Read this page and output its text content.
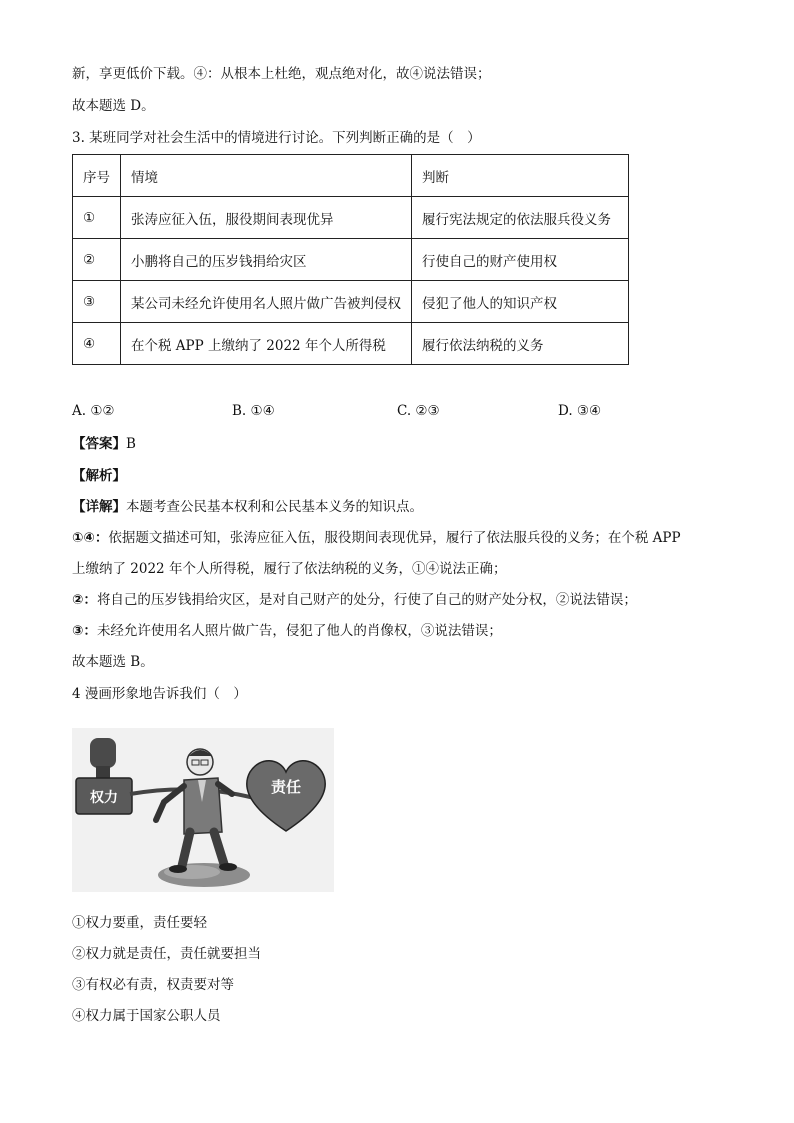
新，享更低价下载。④：从根本上杜绝，观点绝对化，故④说法错误；
故本题选 D。
3. 某班同学对社会生活中的情境进行讨论。下列判断正确的是（　）
序号	情境	判断
①	张涛应征入伍，服役期间表现优异	履行宪法规定的依法服兵役义务
②	小鹏将自己的压岁钱捐给灾区	行使自己的财产使用权
③	某公司未经允许使用名人照片做广告被判侵权	侵犯了他人的知识产权
④	在个税 APP 上缴纳了 2022 年个人所得税	履行依法纳税的义务
A. ①②	B. ①④	C. ②③	D. ③④
【答案】B
【解析】
【详解】本题考查公民基本权利和公民基本义务的知识点。
①④：依据题文描述可知，张涛应征入伍，服役期间表现优异，履行了依法服兵役的义务；在个税 APP
上缴纳了 2022 年个人所得税，履行了依法纳税的义务，①④说法正确；
②：将自己的压岁钱捐给灾区，是对自己财产的处分，行使了自己的财产处分权，②说法错误；
③：未经允许使用名人照片做广告，侵犯了他人的肖像权，③说法错误；
故本题选 B。
4 漫画形象地告诉我们（　）
权力
责任
①权力要重，责任要轻
②权力就是责任，责任就要担当
③有权必有责，权责要对等
④权力属于国家公职人员
